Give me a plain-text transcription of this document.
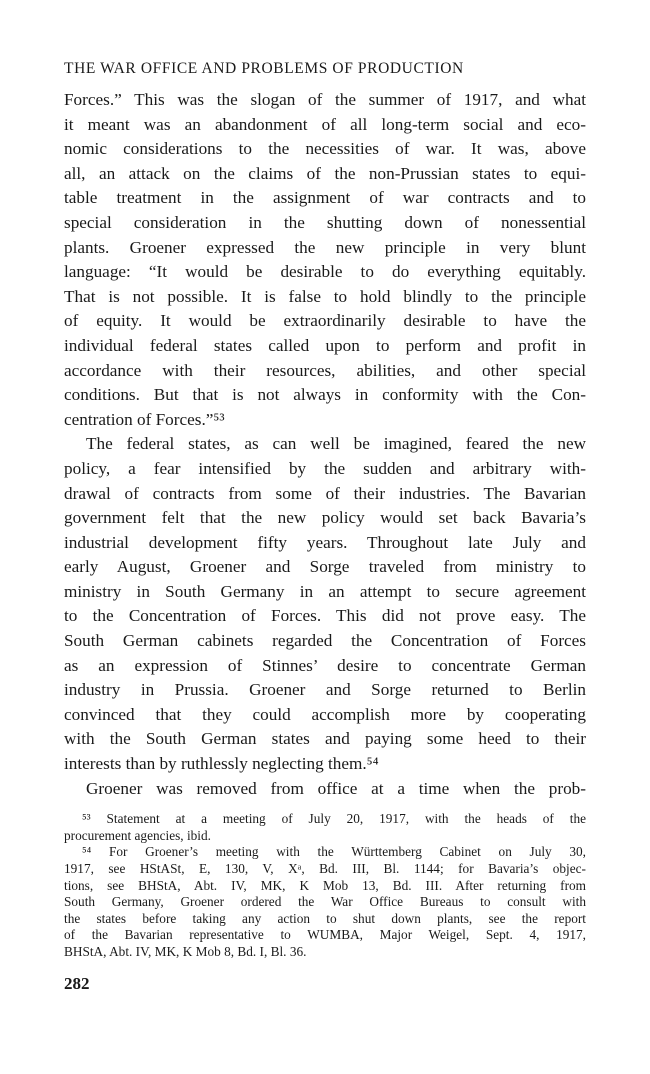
THE WAR OFFICE AND PROBLEMS OF PRODUCTION

Forces.” This was the slogan of the summer of 1917, and what
it meant was an abandonment of all long-term social and eco-
nomic considerations to the necessities of war. It was, above
all, an attack on the claims of the non-Prussian states to equi-
table treatment in the assignment of war contracts and to
special consideration in the shutting down of nonessential
plants. Groener expressed the new principle in very blunt
language: “It would be desirable to do everything equitably.
That is not possible. It is false to hold blindly to the principle
of equity. It would be extraordinarily desirable to have the
individual federal states called upon to perform and profit in
accordance with their resources, abilities, and other special
conditions. But that is not always in conformity with the Con-
centration of Forces.”⁵³

The federal states, as can well be imagined, feared the new
policy, a fear intensified by the sudden and arbitrary with-
drawal of contracts from some of their industries. The Bavarian
government felt that the new policy would set back Bavaria’s
industrial development fifty years. Throughout late July and
early August, Groener and Sorge traveled from ministry to
ministry in South Germany in an attempt to secure agreement
to the Concentration of Forces. This did not prove easy. The
South German cabinets regarded the Concentration of Forces
as an expression of Stinnes’ desire to concentrate German
industry in Prussia. Groener and Sorge returned to Berlin
convinced that they could accomplish more by cooperating
with the South German states and paying some heed to their
interests than by ruthlessly neglecting them.⁵⁴

Groener was removed from office at a time when the prob-

⁵³ Statement at a meeting of July 20, 1917, with the heads of the
procurement agencies, ibid.
⁵⁴ For Groener’s meeting with the Württemberg Cabinet on July 30,
1917, see HStASt, E, 130, V, Xᵃ, Bd. III, Bl. 1144; for Bavaria’s objec-
tions, see BHStA, Abt. IV, MK, K Mob 13, Bd. III. After returning from
South Germany, Groener ordered the War Office Bureaus to consult with
the states before taking any action to shut down plants, see the report
of the Bavarian representative to WUMBA, Major Weigel, Sept. 4, 1917,
BHStA, Abt. IV, MK, K Mob 8, Bd. I, Bl. 36.
282
